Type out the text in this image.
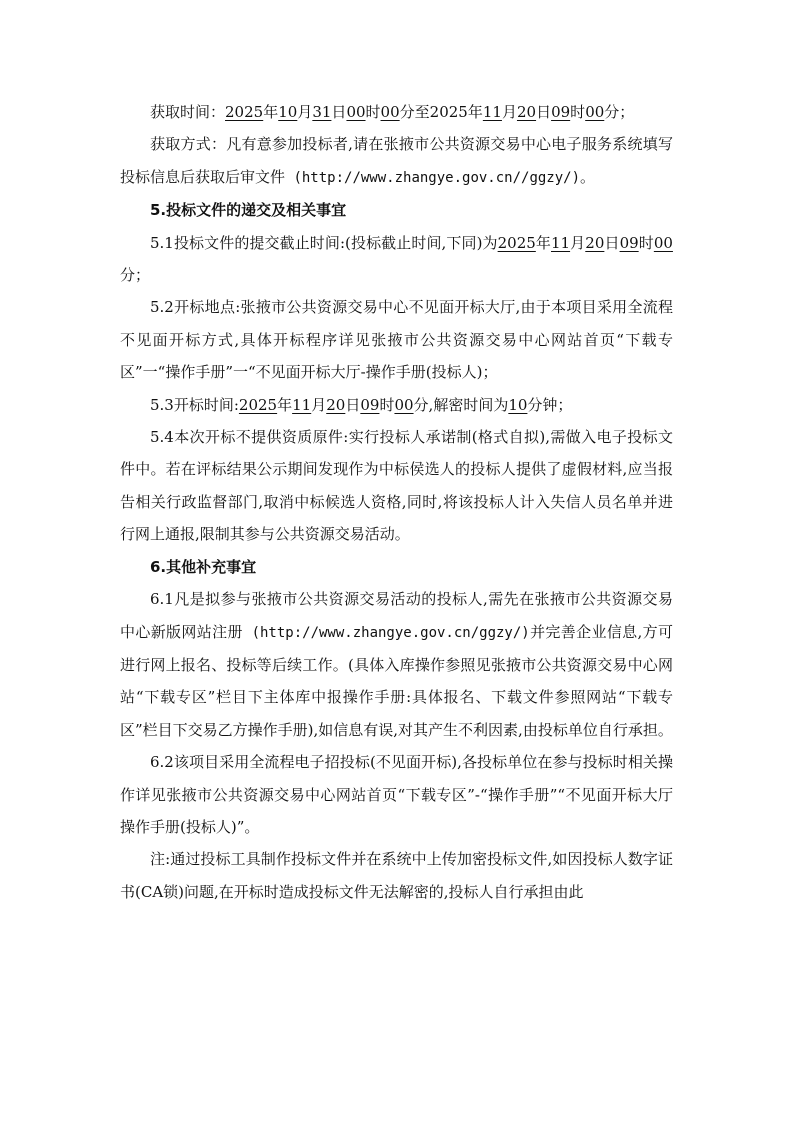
获取时间：2025年10月31日00时00分至2025年11月20日09时00分；

获取方式：凡有意参加投标者,请在张掖市公共资源交易中心电子服务系统填写投标信息后获取后审文件 (http://www.zhangye.gov.cn//ggzy/)。

5.投标文件的递交及相关事宜

5.1投标文件的提交截止时间:(投标截止时间,下同)为2025年11月20日09时00分；

5.2开标地点:张掖市公共资源交易中心不见面开标大厅,由于本项目采用全流程不见面开标方式,具体开标程序详见张掖市公共资源交易中心网站首页“下载专区”一“操作手册”一“不见面开标大厅-操作手册(投标人)；

5.3开标时间:2025年11月20日09时00分,解密时间为10分钟；

5.4本次开标不提供资质原件:实行投标人承诺制(格式自拟),需做入电子投标文件中。若在评标结果公示期间发现作为中标侯选人的投标人提供了虚假材料,应当报告相关行政监督部门,取消中标候选人资格,同时,将该投标人计入失信人员名单并进行网上通报,限制其参与公共资源交易活动。

6.其他补充事宜

6.1凡是拟参与张掖市公共资源交易活动的投标人,需先在张掖市公共资源交易中心新版网站注册 (http://www.zhangye.gov.cn/ggzy/)并完善企业信息,方可进行网上报名、投标等后续工作。(具体入库操作参照见张掖市公共资源交易中心网站“下载专区”栏目下主体库中报操作手册:具体报名、下载文件参照网站“下载专区”栏目下交易乙方操作手册),如信息有误,对其产生不利因素,由投标单位自行承担。

6.2该项目采用全流程电子招投标(不见面开标),各投标单位在参与投标时相关操作详见张掖市公共资源交易中心网站首页“下载专区”-“操作手册”“不见面开标大厅操作手册(投标人)”。

注:通过投标工具制作投标文件并在系统中上传加密投标文件,如因投标人数字证书(CA锁)问题,在开标时造成投标文件无法解密的,投标人自行承担由此
